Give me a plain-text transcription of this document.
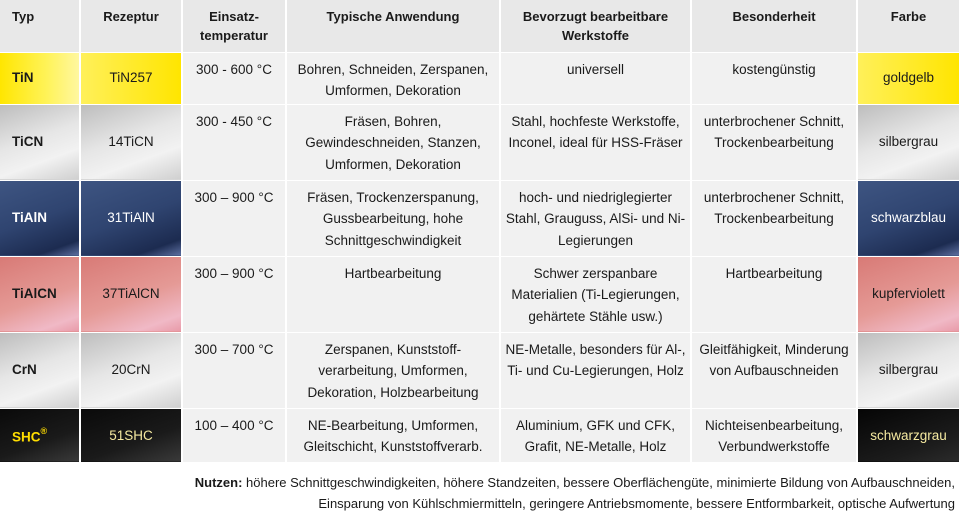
Typ	Rezeptur	Einsatz- temperatur	Typische Anwendung	Bevorzugt bearbeitbare Werkstoffe	Besonderheit	Farbe
TiN	TiN257	300 - 600 °C	Bohren, Schneiden, Zerspanen, Umformen, Dekoration	universell	kostengünstig	goldgelb
TiCN	14TiCN	300 - 450 °C	Fräsen, Bohren, Gewindeschneiden, Stanzen, Umformen, Dekoration	Stahl, hochfeste Werkstoffe, Inconel, ideal für HSS-Fräser	unterbrochener Schnitt, Trockenbearbeitung	silbergrau
TiAlN	31TiAlN	300 – 900 °C	Fräsen, Trockenzerspanung, Gussbearbeitung, hohe Schnittgeschwindigkeit	hoch- und niedriglegierter Stahl, Grauguss, AlSi- und Ni-Legierungen	unterbrochener Schnitt, Trockenbearbeitung	schwarzblau
TiAlCN	37TiAlCN	300 – 900 °C	Hartbearbeitung	Schwer zerspanbare Materialien (Ti-Legierungen, gehärtete Stähle usw.)	Hartbearbeitung	kupferviolett
CrN	20CrN	300 – 700 °C	Zerspanen, Kunststoff-verarbeitung, Umformen, Dekoration, Holzbearbeitung	NE-Metalle, besonders für Al-, Ti- und Cu-Legierungen, Holz	Gleitfähigkeit, Minderung von Aufbauschneiden	silbergrau
SHC®	51SHC	100 – 400 °C	NE-Bearbeitung, Umformen, Gleitschicht, Kunststoffverarb.	Aluminium, GFK und CFK, Grafit, NE-Metalle, Holz	Nichteisenbearbeitung, Verbundwerkstoffe	schwarzgrau
Nutzen: höhere Schnittgeschwindigkeiten, höhere Standzeiten, bessere Oberflächengüte, minimierte Bildung von Aufbauschneiden,
Einsparung von Kühlschmiermitteln, geringere Antriebsmomente, bessere Entformbarkeit, optische Aufwertung
